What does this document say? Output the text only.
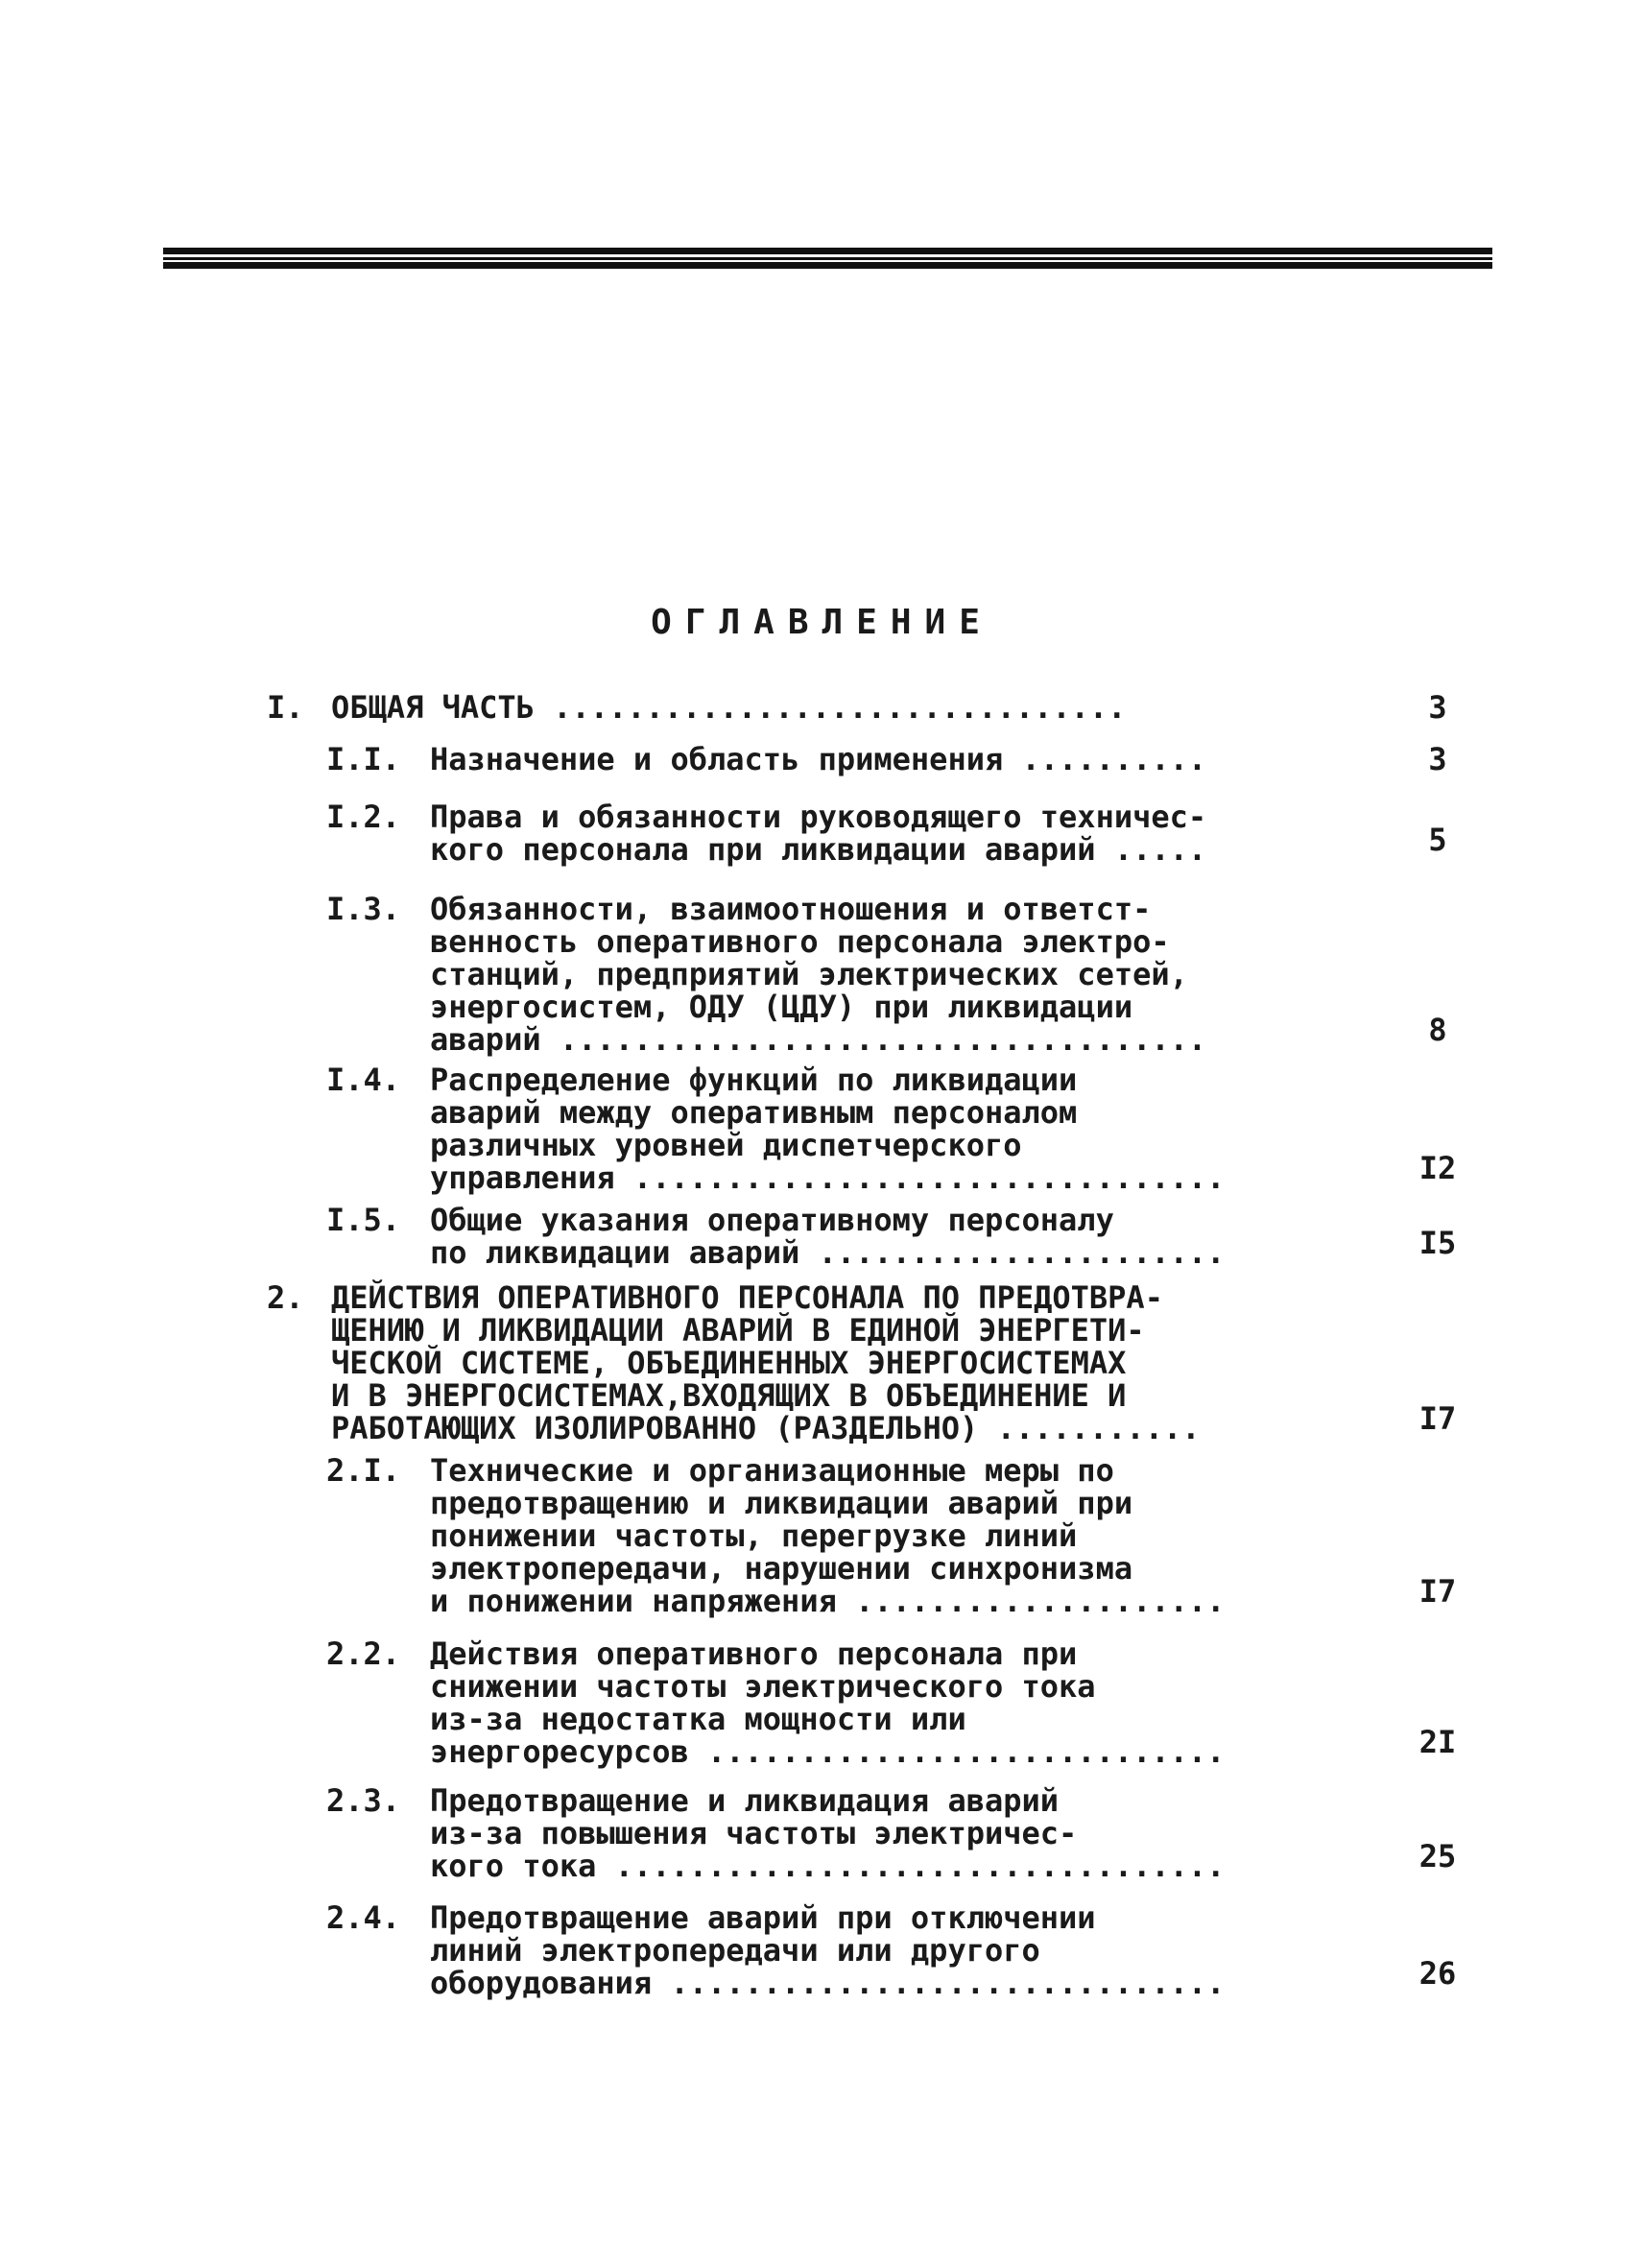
ОГЛАВЛЕНИЕ
I. ОБЩАЯ ЧАСТЬ ...............................	3
I.I. Назначение и область применения ..........	3
I.2. Права и обязанности руководящего техничес-
кого персонала при ликвидации аварий .....	5
I.3. Обязанности, взаимоотношения и ответст-
венность оперативного персонала электро-
станций, предприятий электрических сетей,
энергосистем, ОДУ (ЦДУ) при ликвидации
аварий ...................................	8
I.4. Распределение функций по ликвидации
аварий между оперативным персоналом
различных уровней диспетчерского
управления ................................	I2
I.5. Общие указания оперативному персоналу
по ликвидации аварий ......................	I5
2. ДЕЙСТВИЯ ОПЕРАТИВНОГО ПЕРСОНАЛА ПО ПРЕДОТВРА-
ЩЕНИЮ И ЛИКВИДАЦИИ АВАРИЙ В ЕДИНОЙ ЭНЕРГЕТИ-
ЧЕСКОЙ СИСТЕМЕ, ОБЪЕДИНЕННЫХ ЭНЕРГОСИСТЕМАХ
И В ЭНЕРГОСИСТЕМАХ,ВХОДЯЩИХ В ОБЪЕДИНЕНИЕ И
РАБОТАЮЩИХ ИЗОЛИРОВАННО (РАЗДЕЛЬНО) ...........	I7
2.I. Технические и организационные меры по
предотвращению и ликвидации аварий при
понижении частоты, перегрузке линий
электропередачи, нарушении синхронизма
и понижении напряжения ....................	I7
2.2. Действия оперативного персонала при
снижении частоты электрического тока
из-за недостатка мощности или
энергоресурсов ............................	2I
2.3. Предотвращение и ликвидация аварий
из-за повышения частоты электричес-
кого тока .................................	25
2.4. Предотвращение аварий при отключении
линий электропередачи или другого
оборудования ..............................	26
